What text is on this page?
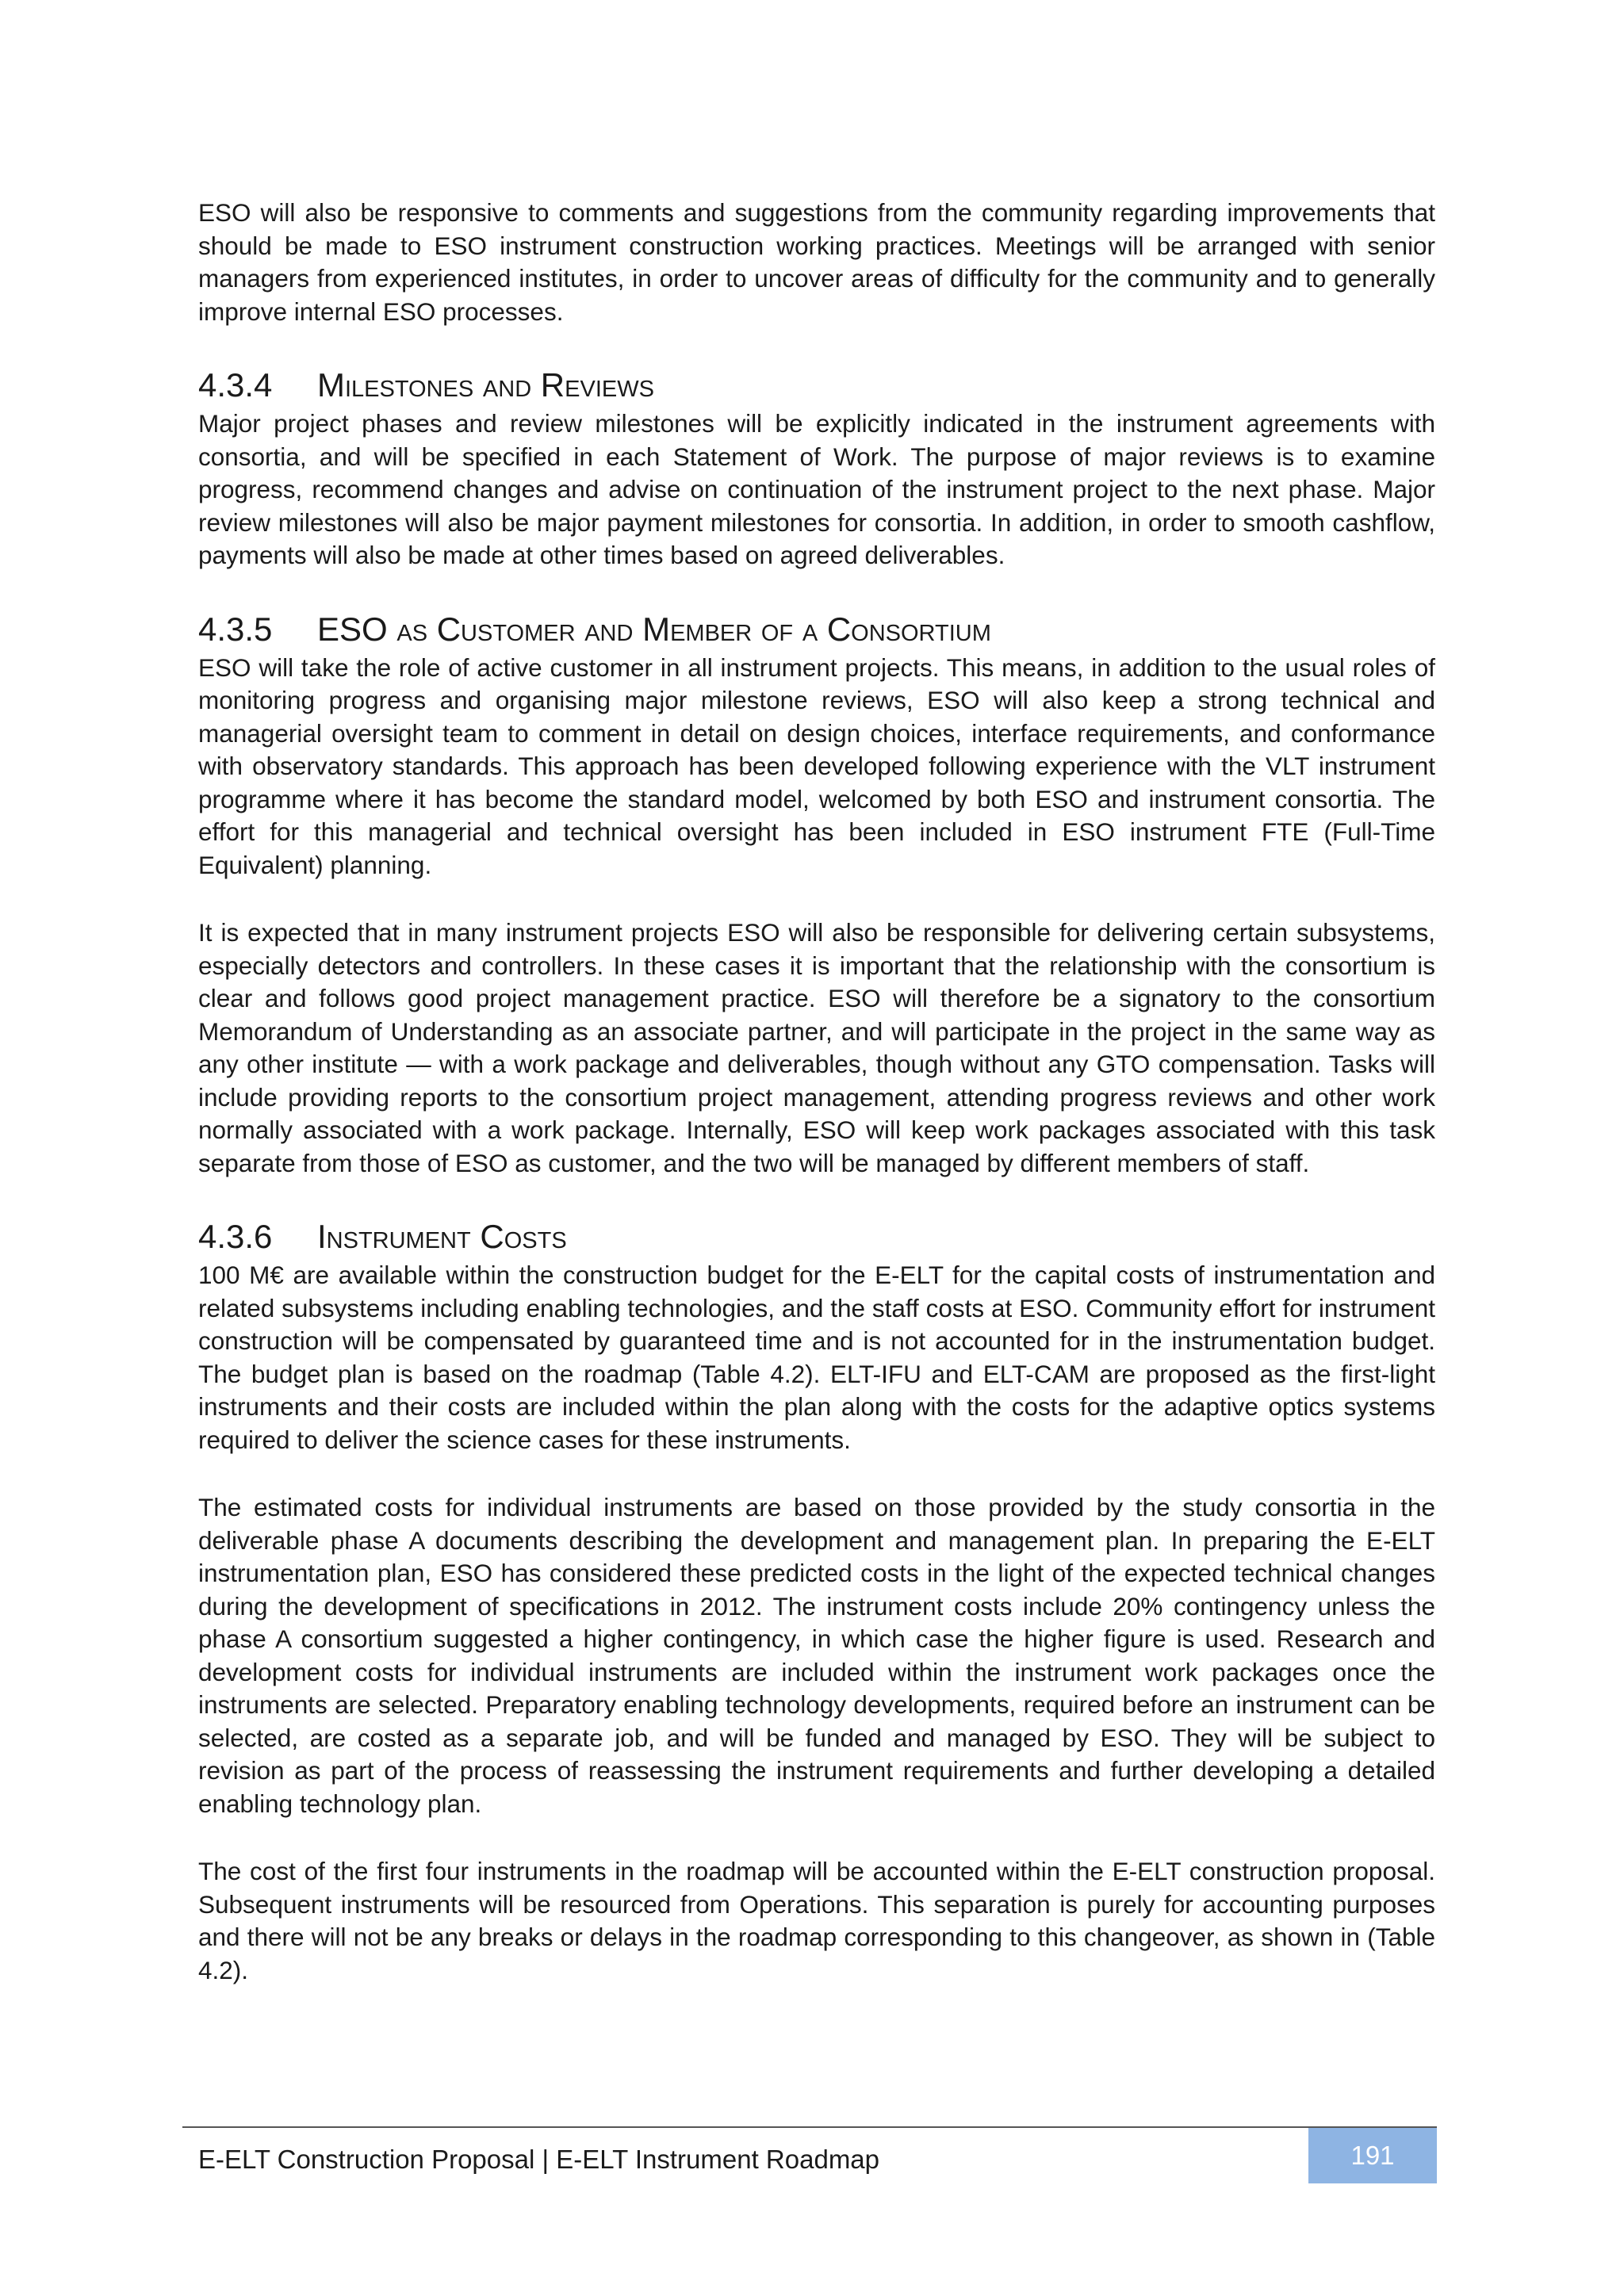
ESO will also be responsive to comments and suggestions from the community regarding improvements that should be made to ESO instrument construction working practices. Meetings will be arranged with senior managers from experienced institutes, in order to uncover areas of difficulty for the community and to generally improve internal ESO processes.

4.3.4 Milestones and Reviews

Major project phases and review milestones will be explicitly indicated in the instrument agreements with consortia, and will be specified in each Statement of Work. The purpose of major reviews is to examine progress, recommend changes and advise on continuation of the instrument project to the next phase. Major review milestones will also be major payment milestones for consortia. In addition, in order to smooth cashflow, payments will also be made at other times based on agreed deliverables.

4.3.5 ESO as Customer and Member of a Consortium

ESO will take the role of active customer in all instrument projects. This means, in addition to the usual roles of monitoring progress and organising major milestone reviews, ESO will also keep a strong technical and managerial oversight team to comment in detail on design choices, interface requirements, and conformance with observatory standards. This approach has been developed following experience with the VLT instrument programme where it has become the standard model, welcomed by both ESO and instrument consortia. The effort for this managerial and technical oversight has been included in ESO instrument FTE (Full-Time Equivalent) planning.

It is expected that in many instrument projects ESO will also be responsible for delivering certain subsystems, especially detectors and controllers. In these cases it is important that the relationship with the consortium is clear and follows good project management practice. ESO will therefore be a signatory to the consortium Memorandum of Understanding as an associate partner, and will participate in the project in the same way as any other institute — with a work package and deliverables, though without any GTO compensation. Tasks will include providing reports to the consortium project management, attending progress reviews and other work normally associated with a work package. Internally, ESO will keep work packages associated with this task separate from those of ESO as customer, and the two will be managed by different members of staff.

4.3.6 Instrument Costs

100 M€ are available within the construction budget for the E-ELT for the capital costs of instrumentation and related subsystems including enabling technologies, and the staff costs at ESO. Community effort for instrument construction will be compensated by guaranteed time and is not accounted for in the instrumentation budget. The budget plan is based on the roadmap (Table 4.2). ELT-IFU and ELT-CAM are proposed as the first-light instruments and their costs are included within the plan along with the costs for the adaptive optics systems required to deliver the science cases for these instruments.

The estimated costs for individual instruments are based on those provided by the study consortia in the deliverable phase A documents describing the development and management plan. In preparing the E-ELT instrumentation plan, ESO has considered these predicted costs in the light of the expected technical changes during the development of specifications in 2012. The instrument costs include 20% contingency unless the phase A consortium suggested a higher contingency, in which case the higher figure is used. Research and development costs for individual instruments are included within the instrument work packages once the instruments are selected. Preparatory enabling technology developments, required before an instrument can be selected, are costed as a separate job, and will be funded and managed by ESO. They will be subject to revision as part of the process of reassessing the instrument requirements and further developing a detailed enabling technology plan.

The cost of the first four instruments in the roadmap will be accounted within the E-ELT construction proposal. Subsequent instruments will be resourced from Operations. This separation is purely for accounting purposes and there will not be any breaks or delays in the roadmap corresponding to this changeover, as shown in (Table 4.2).

E-ELT Construction Proposal | E-ELT Instrument Roadmap	191
